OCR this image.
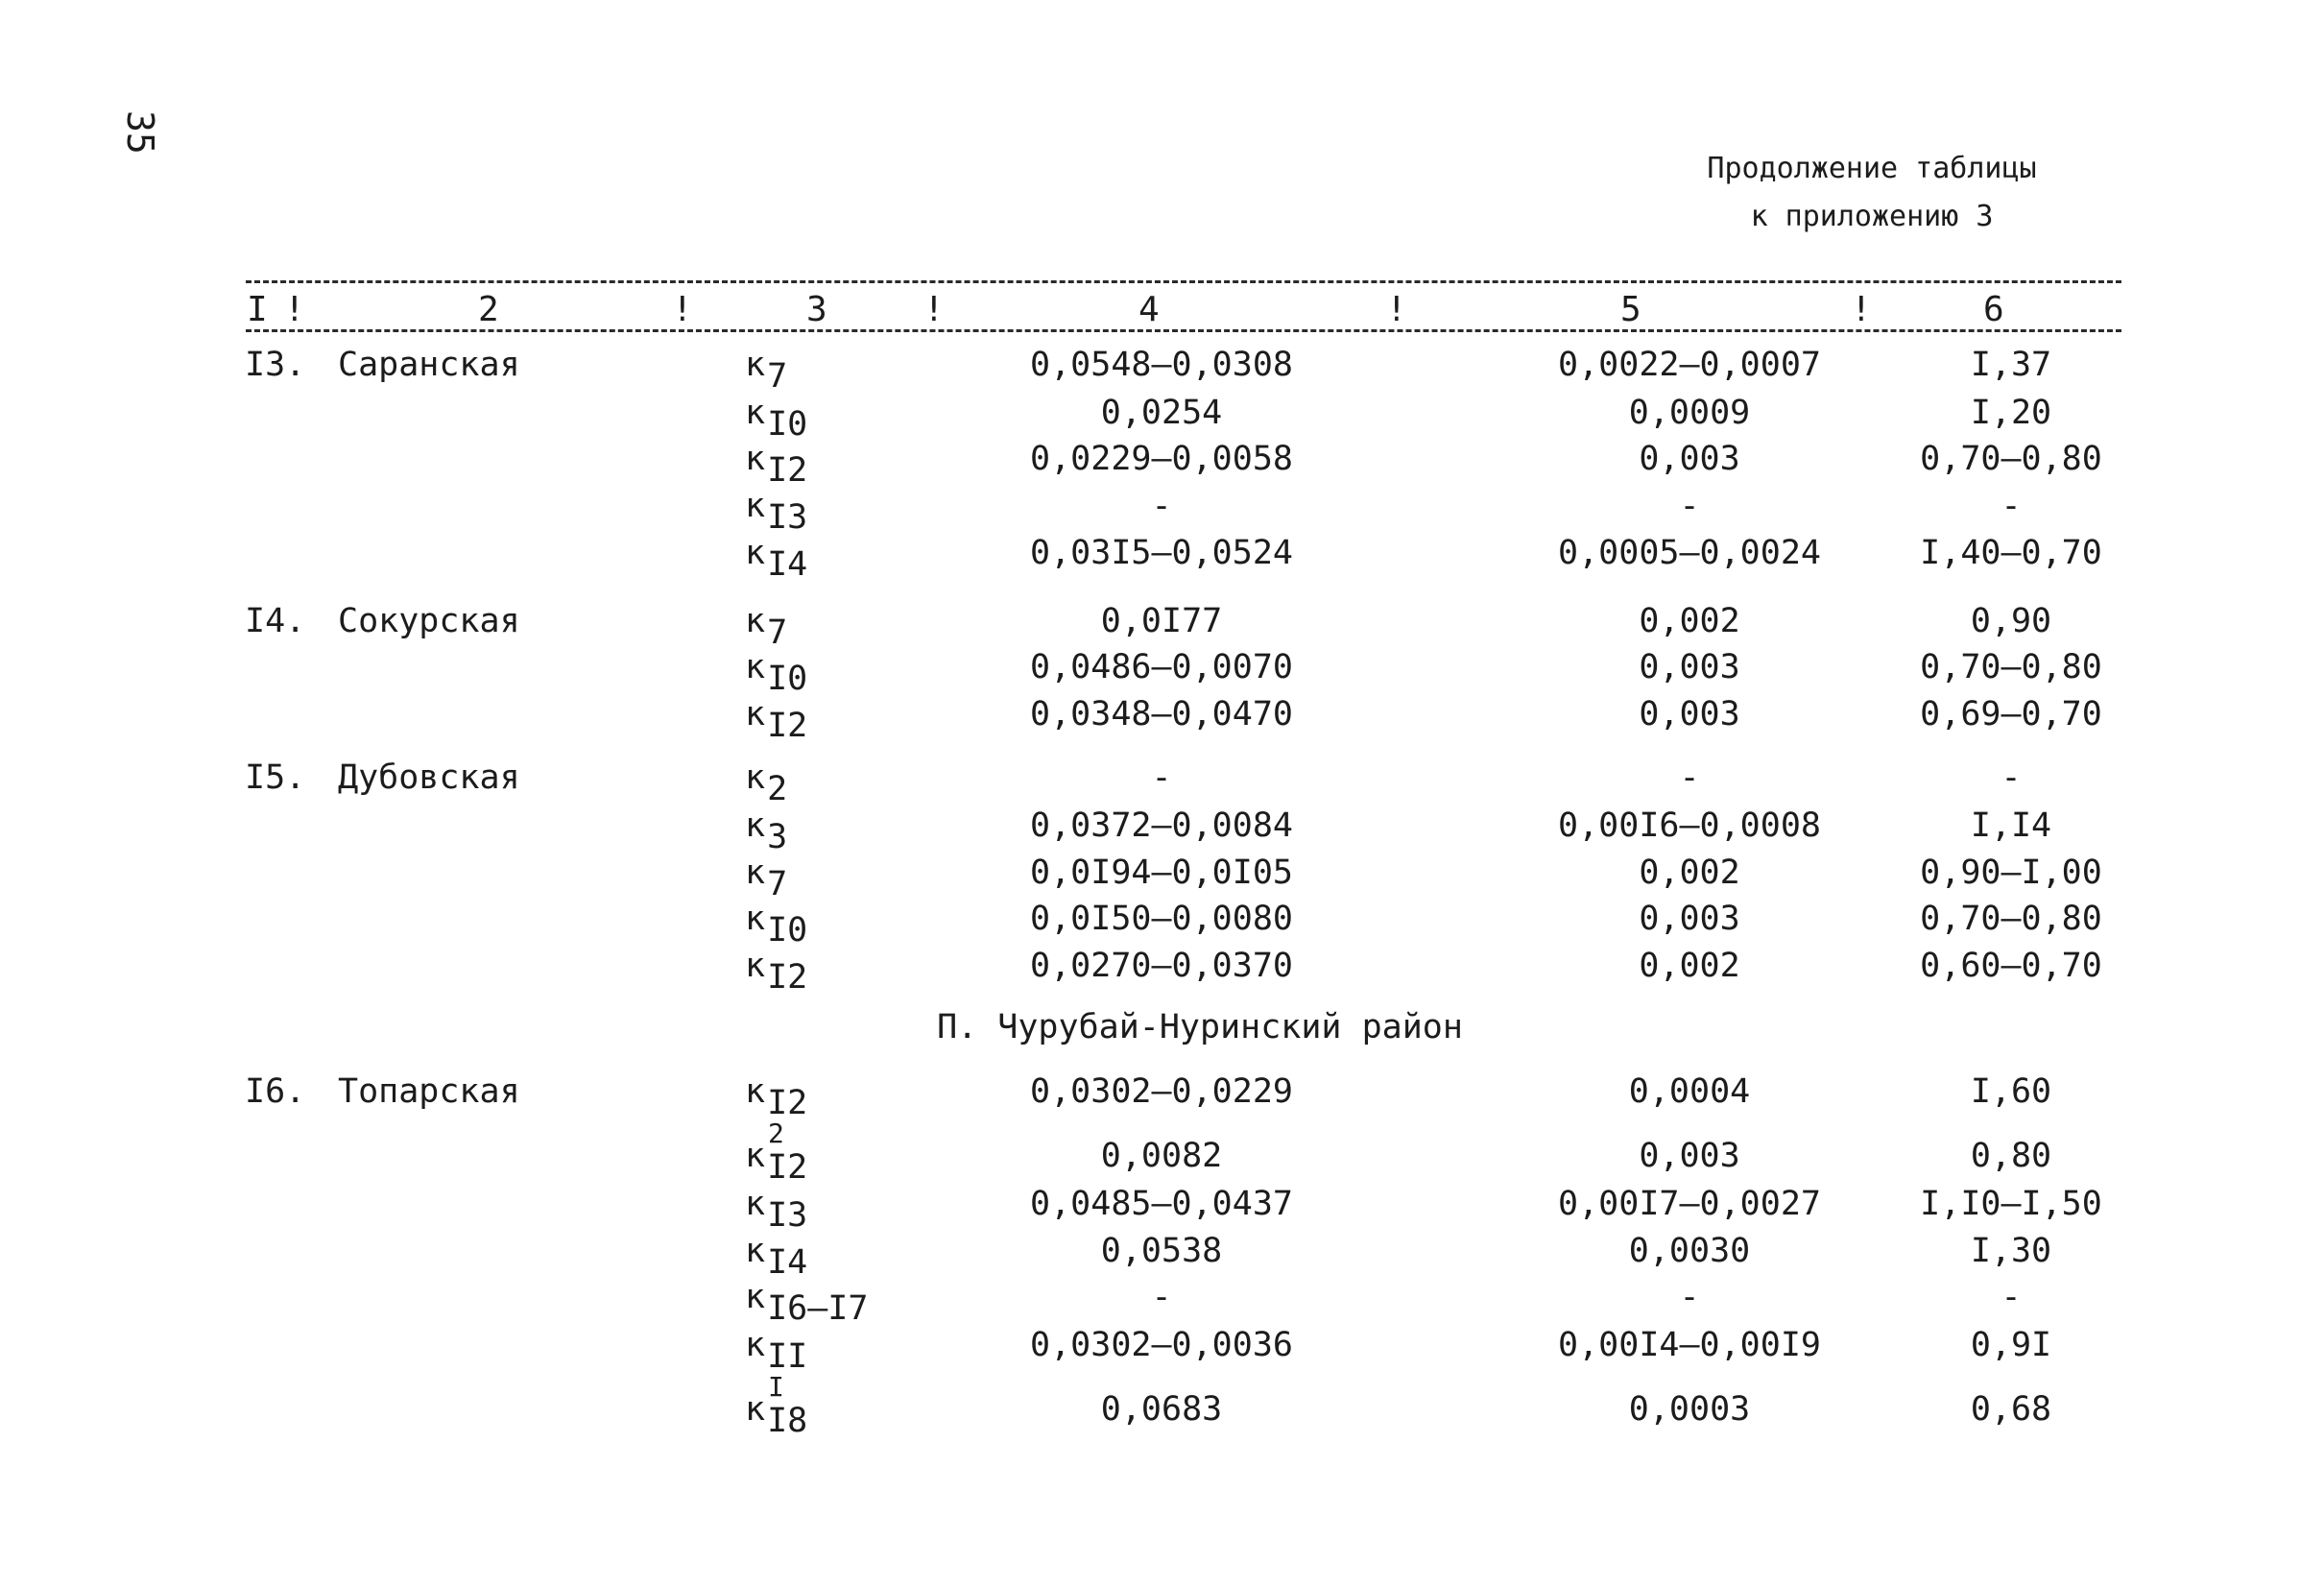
35
Продолжение таблицы
к приложению 3
I !	2	!	3	!	4	!	5	!	6
I3. Саранская	к7	0,0548–0,0308	0,0022–0,0007	I,37
кI0	0,0254	0,0009	I,20
кI2	0,0229–0,0058	0,003	0,70–0,80
кI3	-	-	-
кI4	0,03I5–0,0524	0,0005–0,0024	I,40–0,70
I4. Сокурская	к7	0,0I77	0,002	0,90
кI0	0,0486–0,0070	0,003	0,70–0,80
кI2	0,0348–0,0470	0,003	0,69–0,70
I5. Дубовская	к2	-	-	-
к3	0,0372–0,0084	0,00I6–0,0008	I,I4
к7	0,0I94–0,0I05	0,002	0,90–I,00
кI0	0,0I50–0,0080	0,003	0,70–0,80
кI2	0,0270–0,0370	0,002	0,60–0,70
I6. Топарская	кI2	0,0302–0,0229	0,0004	I,60
к
2
I2	0,0082	0,003	0,80
кI3	0,0485–0,0437	0,00I7–0,0027	I,I0–I,50
кI4	0,0538	0,0030	I,30
кI6–I7	-	-	-
кII	0,0302–0,0036	0,00I4–0,00I9	0,9I
к
I
I8	0,0683	0,0003	0,68
П. Чурубай-Нуринский район
